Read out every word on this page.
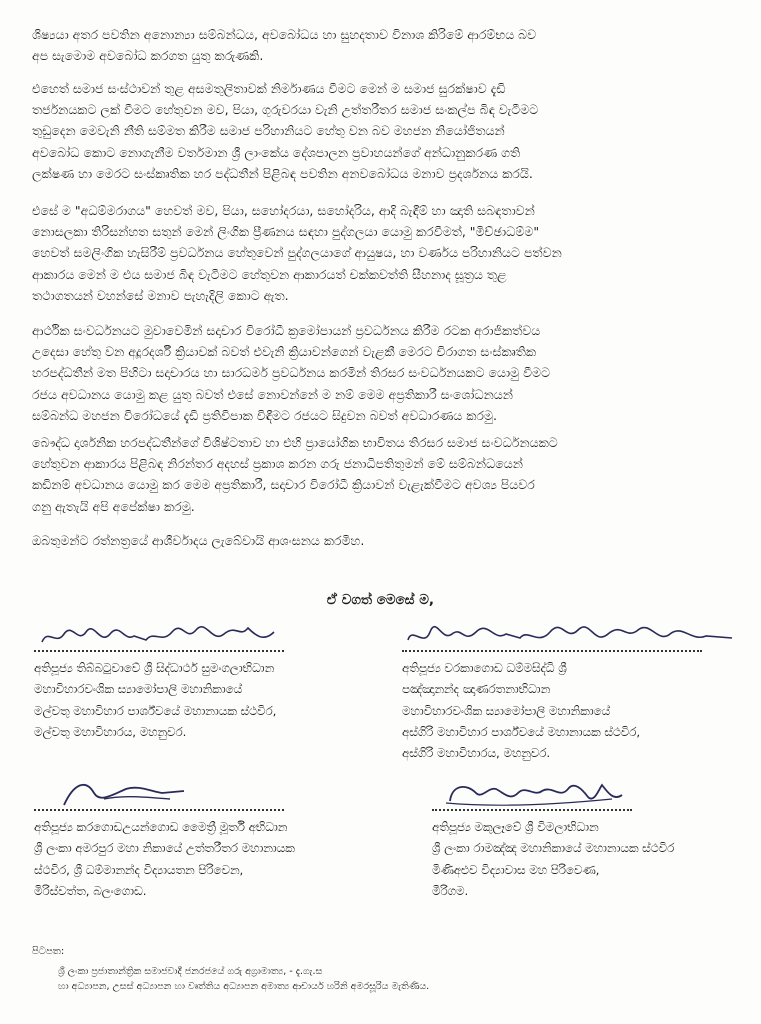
ශිෂ්‍යයා අතර පවතින අනොන්‍යා සම්බන්ධය, අවබෝධය හා සුහදතාව විනාශ කිරිමේ ආරම්භය බව
අප සැමොම අවබෝධ කරගත යුතු කරුණකි.

එහෙත් සමාජ සංස්ථාවන් තුළ අසමතුලිතාවක් නිර්මාණය වීමට මෙන් ම සමාජ සුරක්ෂාව දැඩි
තර්ජනයකට ලක් වීමට හේතුවන මව, පියා, ගුරුවරයා වැනි උත්තරීතර සමාජ සංකල්ප බිඳ වැටීමට
තුඩුදෙන මෙවැනි නීති සම්මත කිරීම සමාජ පරිහානියට හේතු වන බව මහජන නියෝජිතයන්
අවබෝධ කොට නොගැනීම වර්තමාන ශ්‍රී ලාංකේය දේශපාලන ප්‍රවාහයන්ගේ අන්ධානුකරණ ගති
ලක්ෂණ හා මෙරට සංස්කෘතික හර පද්ධතීන් පිළිබඳ පවතින අනවබෝධය මනාව ප්‍රදර්ශනය කරයි.

එසේ ම "අධම්මරාගය" හෙවත් මව, පියා, සහෝදරයා, සහෝදරිය, ආදි බැඳීම් හා ඤාති සබඳතාවන්
නොසලකා තිරිසන්හත සතුන් මෙන් ලිංගික ප්‍රීණනය සඳහා පුද්ගලයා යොමු කරවීමත්, "මිච්ඡාධම්ම"
හෙවත් සමලිංගික හැසිරීම් ප්‍රවර්ධනය හේතුවෙන් පුද්ගලයාගේ ආයුෂය, හා වර්ණය පරිහානියට පත්වන
ආකාරය මෙන් ම එය සමාජ බිඳ වැටීමට හේතුවන ආකාරයත් චක්කවත්ති සීහනාද සූත්‍රය තුළ
තථාගතයන් වහන්සේ මනාව පැහැදිලි කොට ඇත.

ආර්ථික සංවර්ධනයට මුවාවෙමින් සදාචාර විරෝධී ක්‍රමෝපායන් ප්‍රවර්ධනය කිරීම රටක අරාජිකත්වය
උදෙසා හේතු වන අදූරදර්ශී ක්‍රියාවක් බවත් එවැනි ක්‍රියාවන්ගෙන් වැළකී මෙරට චිරාගත සංස්කෘතික
හරපද්ධතීන් මත පිහිටා සදාචාරය හා සාරධර්ම ප්‍රවර්ධනය කරමින් තිරසර සංවර්ධනයකට යොමු වීමට
රජය අවධානය යොමු කළ යුතු බවත් එසේ නොවන්නේ ම නම් මෙම අප්‍රතිකාරී සංශෝධනයන්
සම්බන්ධ මහජන විරෝධයේ දැඩි ප්‍රතිවිපාක විඳීමට රජයට සිදුවන බවත් අවධාරණය කරමු.

බෞද්ධ දාර්ශනික හරපද්ධතීන්ගේ විශිෂ්ටතාව හා එහි ප්‍රායෝගික භාවිතය තිරසර සමාජ සංවර්ධනයකට
හේතුවන ආකාරය පිළිබඳ නිරන්තර අදහස් ප්‍රකාශ කරන ගරු ජනාධිපතිතුමන් මේ සම්බන්ධයෙන්
කඩිනම් අවධානය යොමු කර මෙම අප්‍රතිකාරී, සදාචාර විරෝධී ක්‍රියාවන් වැළැක්වීමට අවශ්‍ය පියවර
ගනු ඇතැයි අපි අපේක්ෂා කරමු.

ඔබතුමන්ට රත්නත්‍රයේ ආශීර්වාදය ලැබේවායි ආශංසනය කරමිහ.

ඒ වගත් මෙසේ ම,

අතිපූජ්‍ය තිබ්බටුවාවේ ශ්‍රී සිද්ධාර්ථ සුමංගලාභිධාන
මහාවිහාරවංශික ස්‍යාමෝපාලි මහානිකායේ
මල්වතු මහාවිහාර පාර්ශ්වයේ මහානායක ස්ථවිර,
මල්වතු මහාවිහාරය, මහනුවර.

අතිපූජ්‍ය වරකාගොඩ ධම්මසිද්ධි ශ්‍රී
පඤ්ඤානන්ද ඤාණරතනාභිධාන
මහාවිහාරවංශික ස්‍යාමෝපාලි මහානිකායේ
අස්ගිරි මහාවිහාර පාර්ශ්වයේ මහානායක ස්ථවිර,
අස්ගිරි මහාවිහාරය, මහනුවර.

අතිපූජ්‍ය කරගොඩඋයන්ගොඩ මෛත්‍රී මූර්ති අභිධාන
ශ්‍රී ලංකා අමරපුර මහා නිකායේ උත්තරීතර මහානායක
ස්ථවිර, ශ්‍රී ධම්මානන්ද විද්‍යායතන පිරිවෙන,
මිරිස්වත්ත, බලංගොඩ.

අතිපූජ්‍ය මකුලෑවේ ශ්‍රී විමලාභිධාන
ශ්‍රී ලංකා රාමඤ්ඤ මහානිකායේ මහානායක ස්ථවිර
මිණිඅළුව විද්‍යාවාස මහ පිරිවෙණ,
මීරිගම.

පිටපත:

ශ්‍රී ලංකා ප්‍රජාතාන්ත්‍රික සමාජවාදී ජනරජයේ ගරු අග්‍රාමාත්‍ය, - දැ.ගැ.ස
හා අධ්‍යාපන, උසස් අධ්‍යාපන හා වෘත්තිය අධ්‍යාපන අමාත්‍ය ආචාර්ය හරිනි අමරසූරිය මැතිණිය.
